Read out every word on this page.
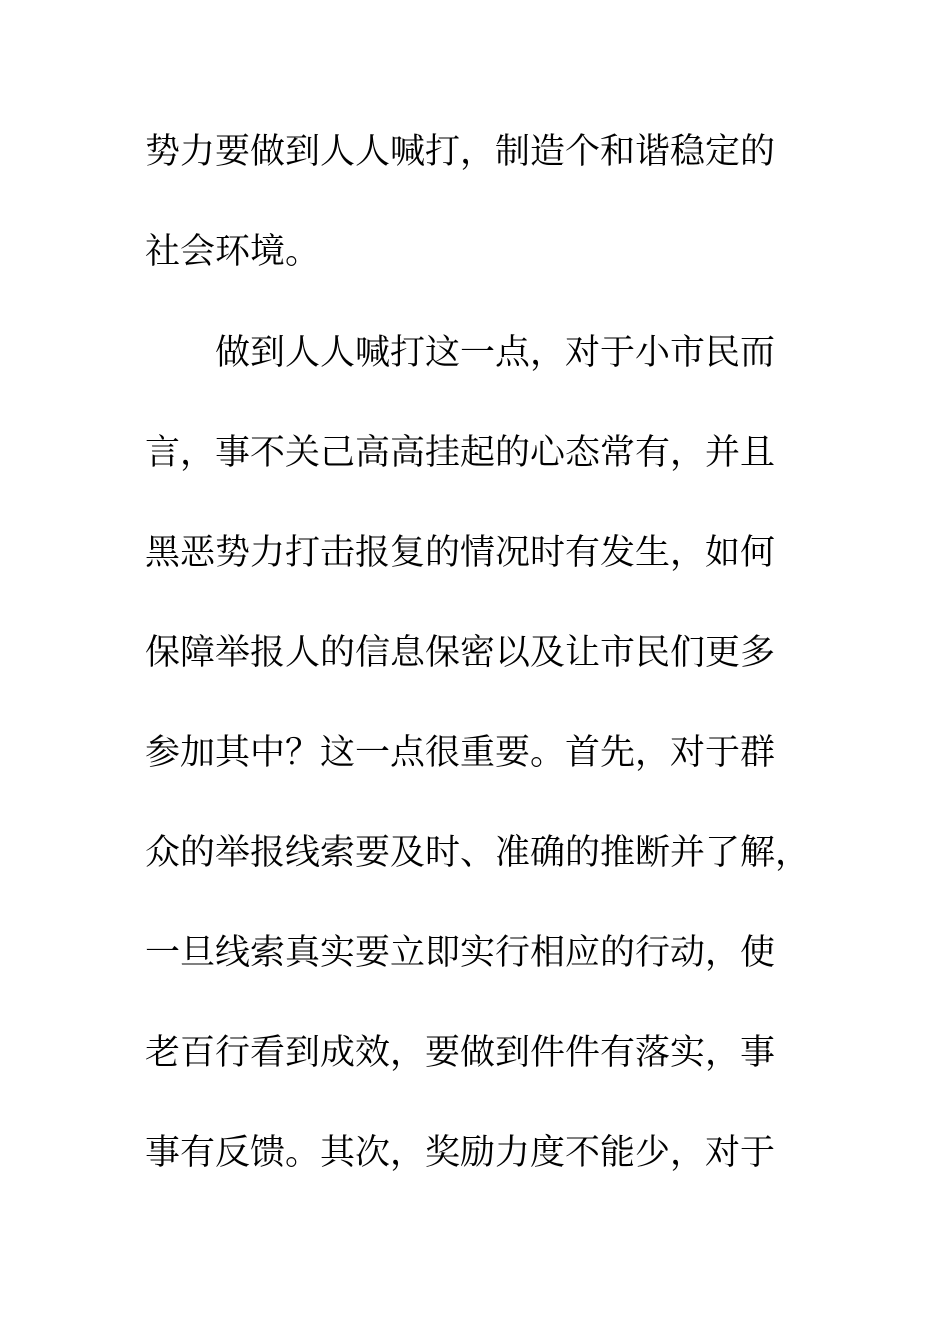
势力要做到人人喊打，制造个和谐稳定的
社会环境。
做到人人喊打这一点，对于小市民而
言，事不关己高高挂起的心态常有，并且
黑恶势力打击报复的情况时有发生，如何
保障举报人的信息保密以及让市民们更多
参加其中？这一点很重要。首先，对于群
众的举报线索要及时、准确的推断并了解，
一旦线索真实要立即实行相应的行动，使
老百行看到成效，要做到件件有落实，事
事有反馈。其次，奖励力度不能少，对于
